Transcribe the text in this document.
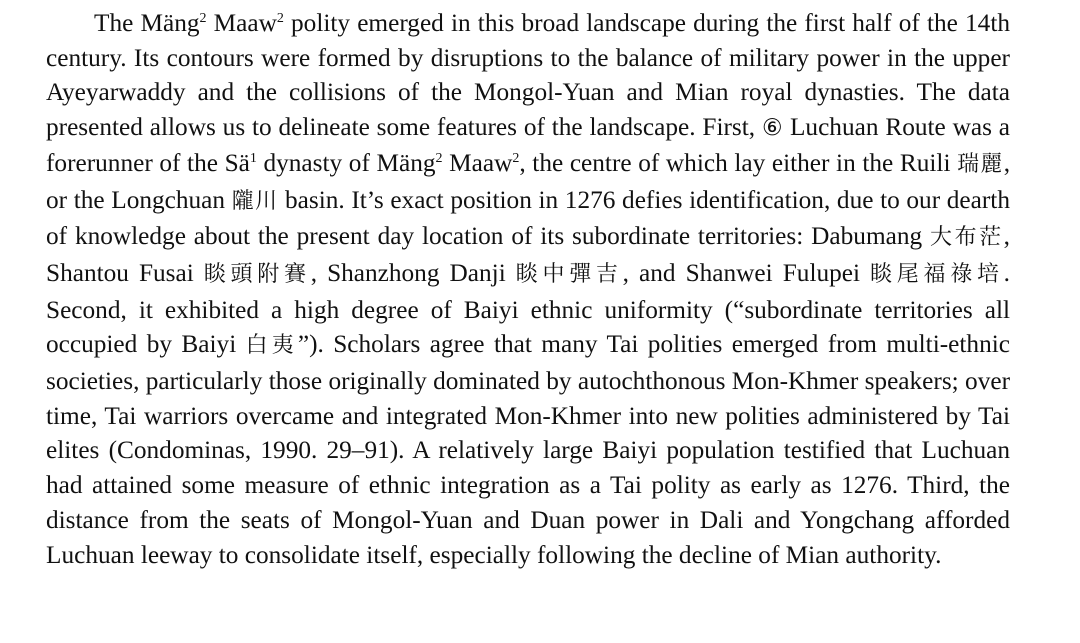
The Mäng$^2$ Maaw$^2$ polity emerged in this broad landscape during the first half of the 14th century. Its contours were formed by disruptions to the balance of military power in the upper Ayeyarwaddy and the collisions of the Mongol-Yuan and Mian royal dynasties. The data presented allows us to delineate some features of the landscape. First, ⑥ Luchuan Route was a forerunner of the $Sä^1$ dynasty of Mäng$^2$ Maaw$^2$, the centre of which lay either in the Ruili 瑞麗, or the Longchuan 隴川 basin. It’s exact position in 1276 defies identification, due to our dearth of knowledge about the present day location of its subordinate territories: Dabumang 大布茫, Shantou Fusai 睒頭附賽, Shanzhong Danji 睒中彈吉, and Shanwei Fulupei 睒尾福祿培. Second, it exhibited a high degree of Baiyi ethnic uniformity (“subordinate territories all occupied by Baiyi 白夷”). Scholars agree that many Tai polities emerged from multi-ethnic societies, particularly those originally dominated by autochthonous Mon-Khmer speakers; over time, Tai warriors overcame and integrated Mon-Khmer into new polities administered by Tai elites (Condominas, 1990. 29–91). A relatively large Baiyi population testified that Luchuan had attained some measure of ethnic integration as a Tai polity as early as 1276. Third, the distance from the seats of Mongol-Yuan and Duan power in Dali and Yongchang afforded Luchuan leeway to consolidate itself, especially following the decline of Mian authority.
